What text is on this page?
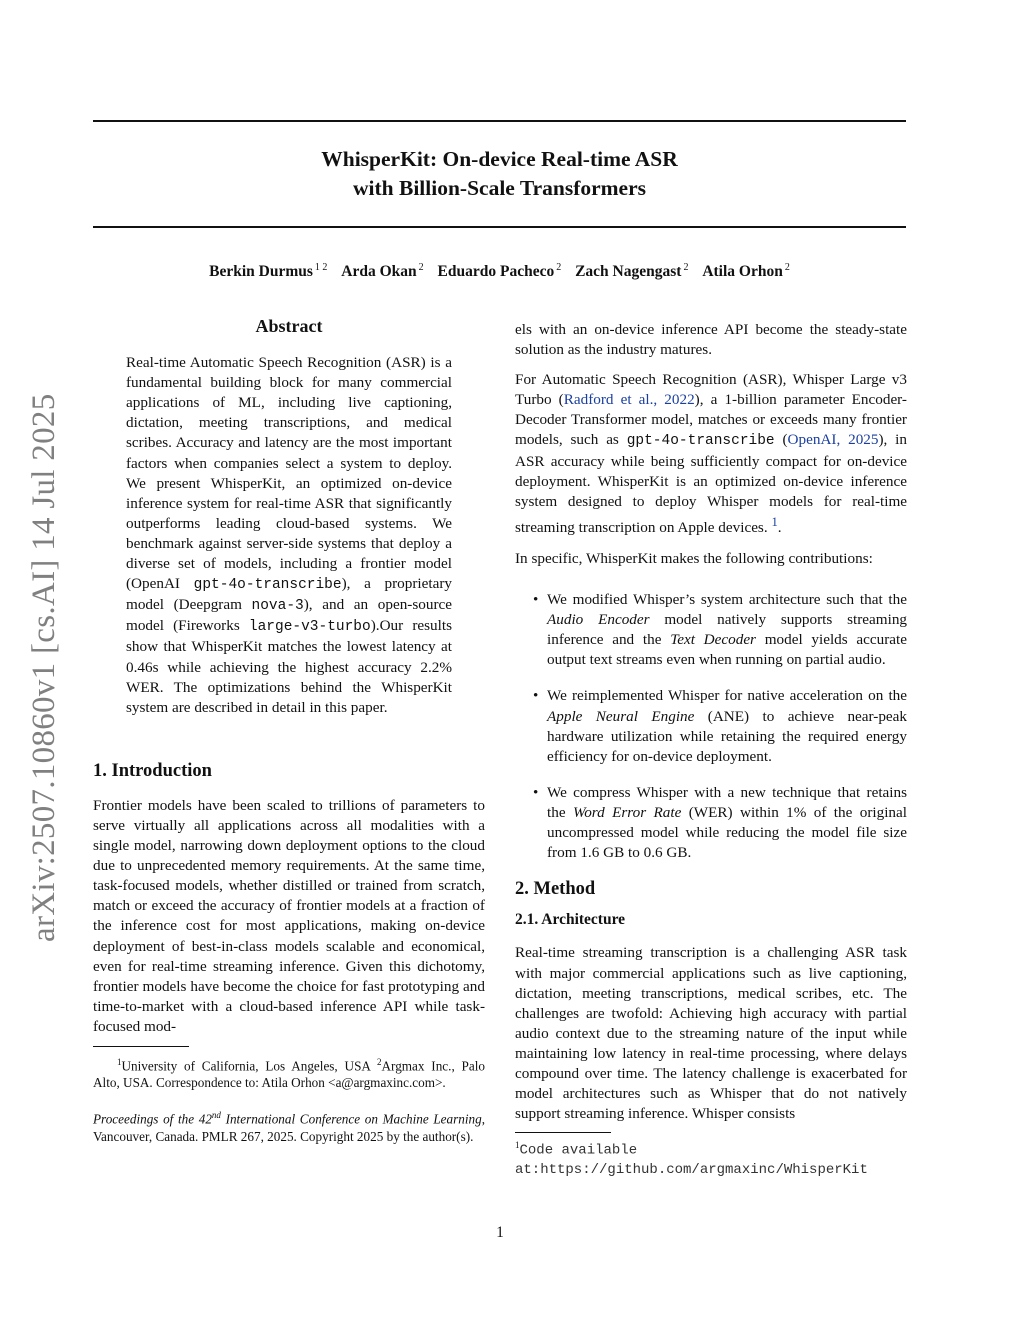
arXiv:2507.10860v1 [cs.AI] 14 Jul 2025
WhisperKit: On-device Real-time ASR
with Billion-Scale Transformers
Berkin Durmus $^{1 2}$ Arda Okan $^2$ Eduardo Pacheco $^2$ Zach Nagengast $^2$ Atila Orhon $^2$
Abstract

Real-time Automatic Speech Recognition (ASR) is a fundamental building block for many commercial applications of ML, including live captioning, dictation, meeting transcriptions, and medical scribes. Accuracy and latency are the most important factors when companies select a system to deploy. We present WhisperKit, an optimized on-device inference system for real-time ASR that significantly outperforms leading cloud-based systems. We benchmark against server-side systems that deploy a diverse set of models, including a frontier model (OpenAI gpt-4o-transcribe), a proprietary model (Deepgram nova-3), and an open-source model (Fireworks large-v3-turbo).Our results show that WhisperKit matches the lowest latency at 0.46s while achieving the highest accuracy 2.2% WER. The optimizations behind the WhisperKit system are described in detail in this paper.

1. Introduction

Frontier models have been scaled to trillions of parameters to serve virtually all applications across all modalities with a single model, narrowing down deployment options to the cloud due to unprecedented memory requirements. At the same time, task-focused models, whether distilled or trained from scratch, match or exceed the accuracy of frontier models at a fraction of the inference cost for most applications, making on-device deployment of best-in-class models scalable and economical, even for real-time streaming inference. Given this dichotomy, frontier models have become the choice for fast prototyping and time-to-market with a cloud-based inference API while task-focused mod-

$^1$University of California, Los Angeles, USA $^2$Argmax Inc., Palo Alto, USA. Correspondence to: Atila Orhon <a@argmaxinc.com>.

Proceedings of the 42nd International Conference on Machine Learning, Vancouver, Canada. PMLR 267, 2025. Copyright 2025 by the author(s).

els with an on-device inference API become the steady-state solution as the industry matures.

For Automatic Speech Recognition (ASR), Whisper Large v3 Turbo (Radford et al., 2022), a 1-billion parameter Encoder-Decoder Transformer model, matches or exceeds many frontier models, such as gpt-4o-transcribe (OpenAI, 2025), in ASR accuracy while being sufficiently compact for on-device deployment. WhisperKit is an optimized on-device inference system designed to deploy Whisper models for real-time streaming transcription on Apple devices. $^1$.

In specific, WhisperKit makes the following contributions:

• We modified Whisper’s system architecture such that the Audio Encoder model natively supports streaming inference and the Text Decoder model yields accurate output text streams even when running on partial audio.
• We reimplemented Whisper for native acceleration on the Apple Neural Engine (ANE) to achieve near-peak hardware utilization while retaining the required energy efficiency for on-device deployment.
• We compress Whisper with a new technique that retains the Word Error Rate (WER) within 1% of the original uncompressed model while reducing the model file size from 1.6 GB to 0.6 GB.
2. Method
2.1. Architecture

Real-time streaming transcription is a challenging ASR task with major commercial applications such as live captioning, dictation, meeting transcriptions, medical scribes, etc. The challenges are twofold: Achieving high accuracy with partial audio context due to the streaming nature of the input while maintaining low latency in real-time processing, where delays compound over time. The latency challenge is exacerbated for model architectures such as Whisper that do not natively support streaming inference. Whisper consists

$^1$Code available at:https://github.com/argmaxinc/WhisperKit

1
